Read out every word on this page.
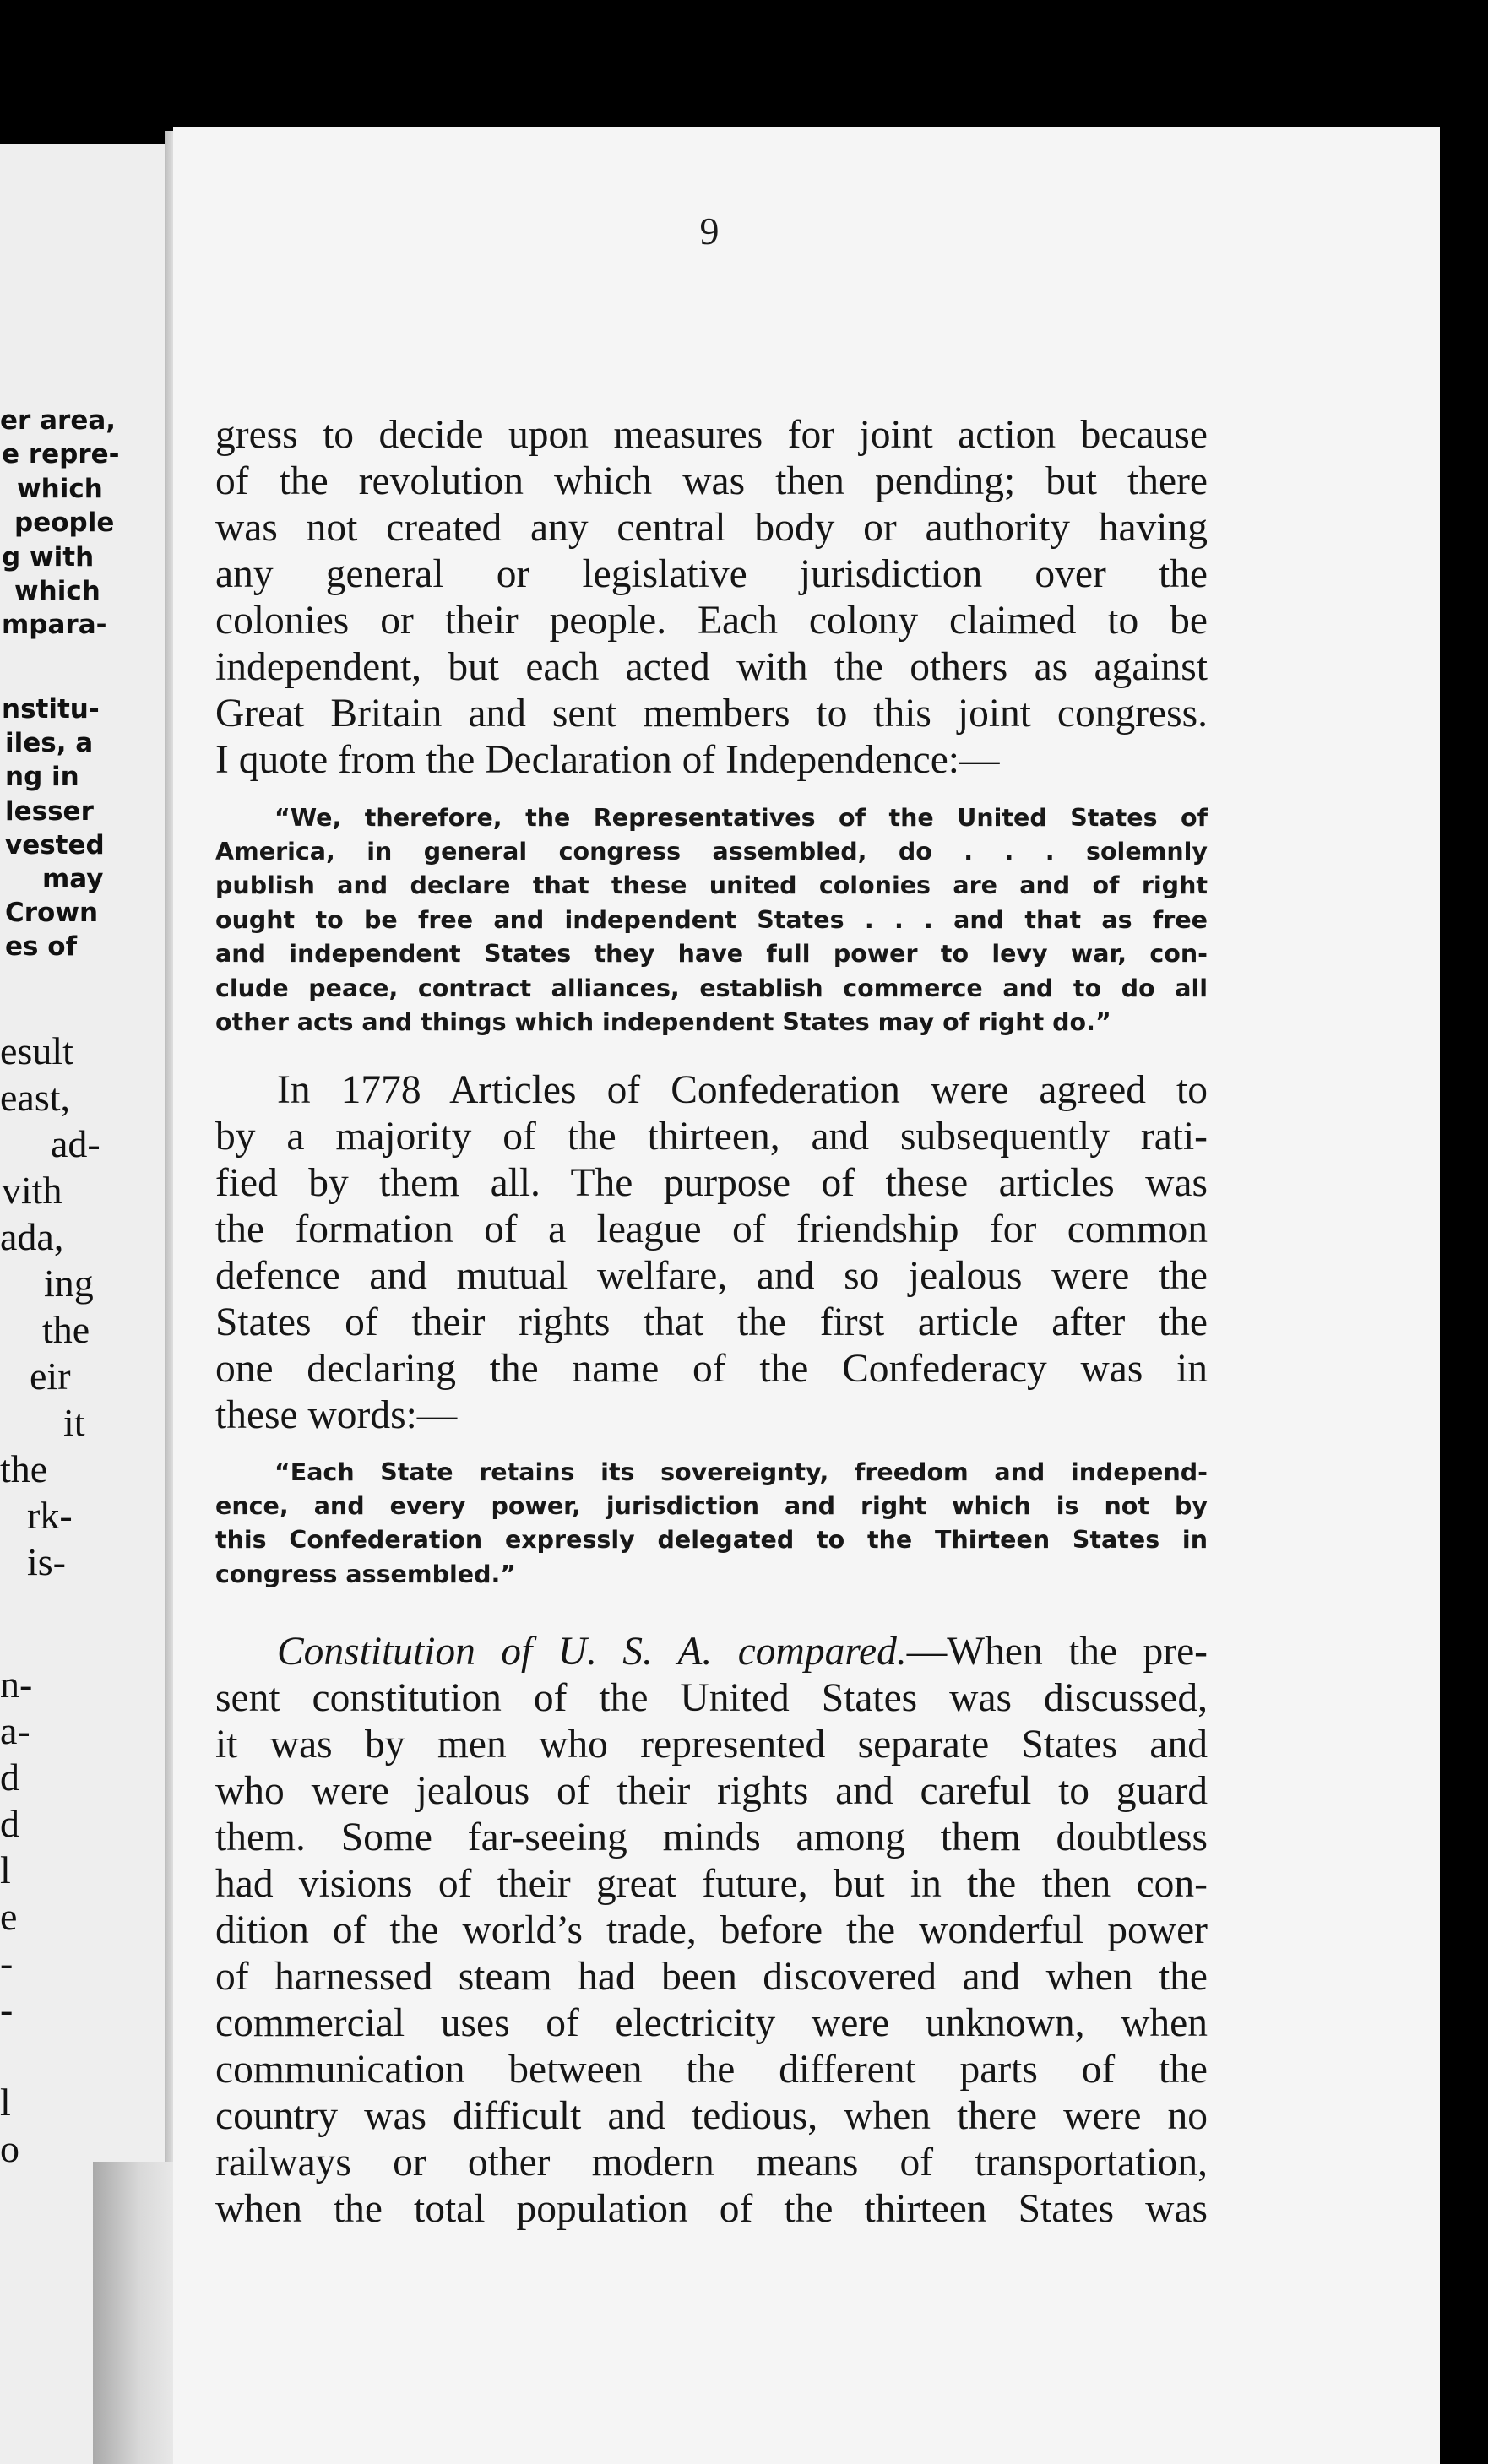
er area,
e repre-
which
people
g with
which
mpara-
nstitu-
iles, a
ng in
lesser
vested
may
Crown
es of
esult
east,
ad-
vith
ada,
ing
the
eir
it
the
rk-
is-
n-
a-
d
d
l
e
-
-
l
o
9
gress to decide upon measures for joint action because
of the revolution which was then pending; but there
was not created any central body or authority having
any general or legislative jurisdiction over the
colonies or their people. Each colony claimed to be
independent, but each acted with the others as against
Great Britain and sent members to this joint congress.
I quote from the Declaration of Independence:—
“We, therefore, the Representatives of the United States of
America, in general congress assembled, do . . . solemnly
publish and declare that these united colonies are and of right
ought to be free and independent States . . . and that as free
and independent States they have full power to levy war, con-
clude peace, contract alliances, establish commerce and to do all
other acts and things which independent States may of right do.”
In 1778 Articles of Confederation were agreed to
by a majority of the thirteen, and subsequently rati-
fied by them all. The purpose of these articles was
the formation of a league of friendship for common
defence and mutual welfare, and so jealous were the
States of their rights that the first article after the
one declaring the name of the Confederacy was in
these words:—
“Each State retains its sovereignty, freedom and independ-
ence, and every power, jurisdiction and right which is not by
this Confederation expressly delegated to the Thirteen States in
congress assembled.”
Constitution of U. S. A. compared.—When the pre-
sent constitution of the United States was discussed,
it was by men who represented separate States and
who were jealous of their rights and careful to guard
them. Some far-seeing minds among them doubtless
had visions of their great future, but in the then con-
dition of the world’s trade, before the wonderful power
of harnessed steam had been discovered and when the
commercial uses of electricity were unknown, when
communication between the different parts of the
country was difficult and tedious, when there were no
railways or other modern means of transportation,
when the total population of the thirteen States was
